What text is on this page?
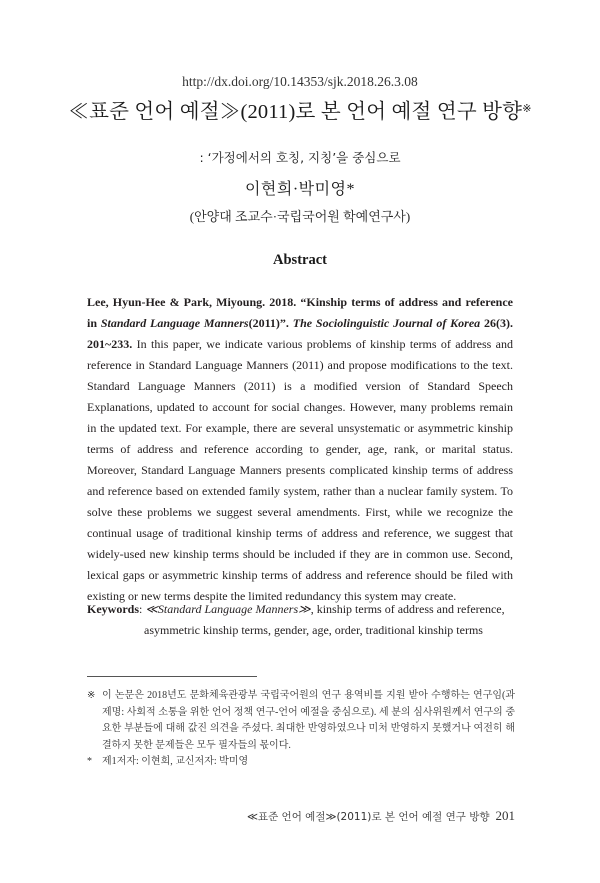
http://dx.doi.org/10.14353/sjk.2018.26.3.08
≪표준 언어 예절≫(2011)로 본 언어 예절 연구 방향※
: ‘가정에서의 호칭, 지칭’을 중심으로
이현희·박미영*
(안양대 조교수·국립국어원 학예연구사)
Abstract
Lee, Hyun-Hee & Park, Miyoung. 2018. “Kinship terms of address and reference in Standard Language Manners(2011)”. The Sociolinguistic Journal of Korea 26(3). 201~233. In this paper, we indicate various problems of kinship terms of address and reference in Standard Language Manners (2011) and propose modifications to the text. Standard Language Manners (2011) is a modified version of Standard Speech Explanations, updated to account for social changes. However, many problems remain in the updated text. For example, there are several unsystematic or asymmetric kinship terms of address and reference according to gender, age, rank, or marital status. Moreover, Standard Language Manners presents complicated kinship terms of address and reference based on extended family system, rather than a nuclear family system. To solve these problems we suggest several amendments. First, while we recognize the continual usage of traditional kinship terms of address and reference, we suggest that widely-used new kinship terms should be included if they are in common use. Second, lexical gaps or asymmetric kinship terms of address and reference should be filed with existing or new terms despite the limited redundancy this system may create.
Keywords: ≪Standard Language Manners≫, kinship terms of address and reference,
asymmetric kinship terms, gender, age, order, traditional kinship terms
※ 이 논문은 2018년도 문화체육관광부 국립국어원의 연구 용역비를 지원 받아 수행하는 연구임(과제명: 사회적 소통을 위한 언어 정책 연구-언어 예절을 중심으로). 세 분의 심사위원께서 연구의 중요한 부분들에 대해 값진 의견을 주셨다. 최대한 반영하였으나 미처 반영하지 못했거나 여전히 해결하지 못한 문제들은 모두 필자들의 몫이다.
* 제1저자: 이현희, 교신저자: 박미영
≪표준 언어 예절≫(2011)로 본 언어 예절 연구 방향 201
